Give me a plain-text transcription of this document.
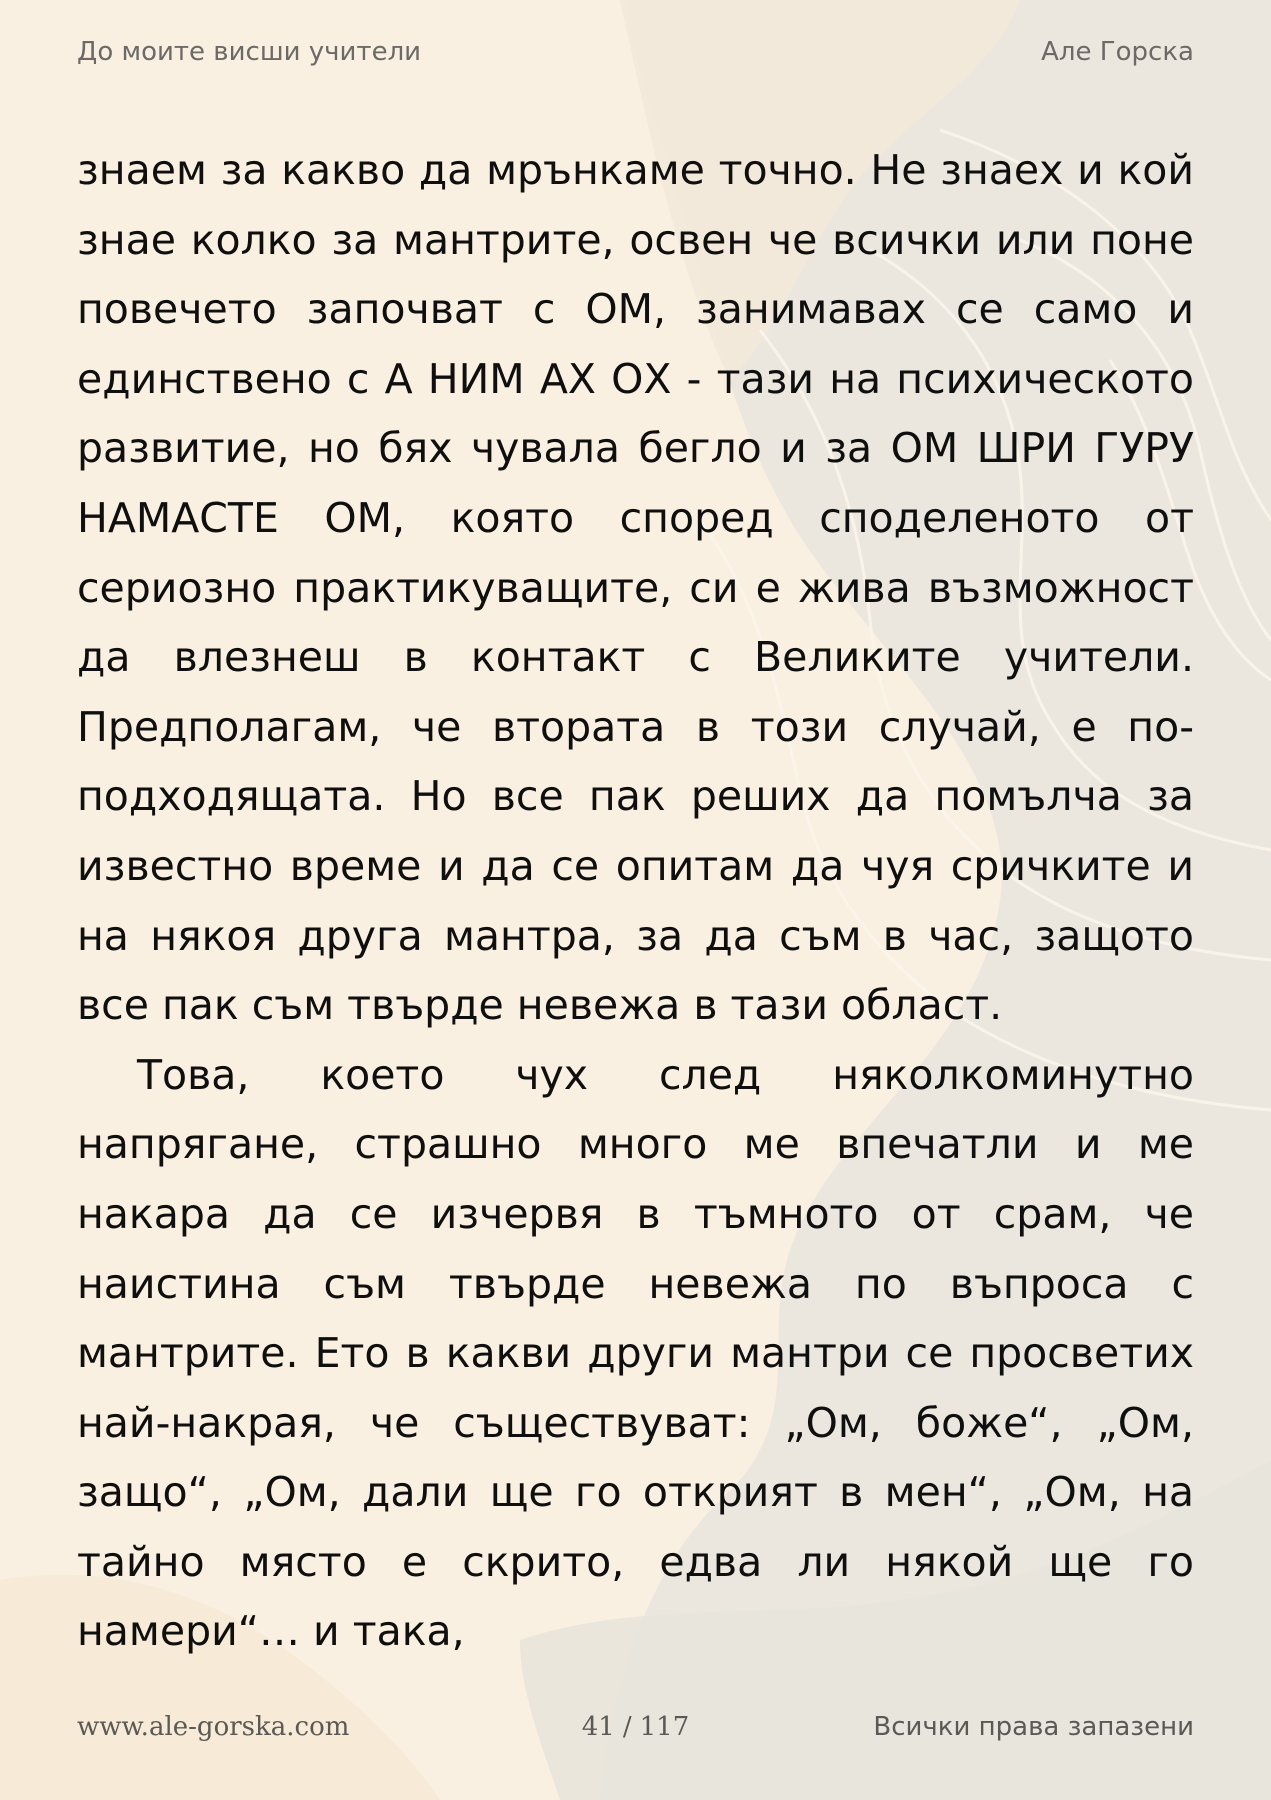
До моите висши учители	Але Горска

знаем за какво да мрънкаме точно. Не знаех и кой знае колко за мантрите, освен че всички или поне повечето започват с ОМ, занимавах се само и единствено с А НИМ АХ ОХ - тази на психическото развитие, но бях чувала бегло и за ОМ ШРИ ГУРУ НАМАСТЕ ОМ, която според споделеното от сериозно практикуващите, си е жива възможност да влезнеш в контакт с Великите учители. Предполагам, че втората в този случай, е по-подходящата. Но все пак реших да помълча за известно време и да се опитам да чуя сричките и на някоя друга мантра, за да съм в час, защото все пак съм твърде невежа в тази област.

Това, което чух след няколкоминутно напрягане, страшно много ме впечатли и ме накара да се изчервя в тъмното от срам, че наистина съм твърде невежа по въпроса с мантрите. Ето в какви други мантри се просветих най-накрая, че съществуват: „Ом, боже“, „Ом, защо“, „Ом, дали ще го открият в мен“, „Ом, на тайно място е скрито, едва ли някой ще го намери“… и така,

www.ale-gorska.com	41 / 117	Всички права запазени
